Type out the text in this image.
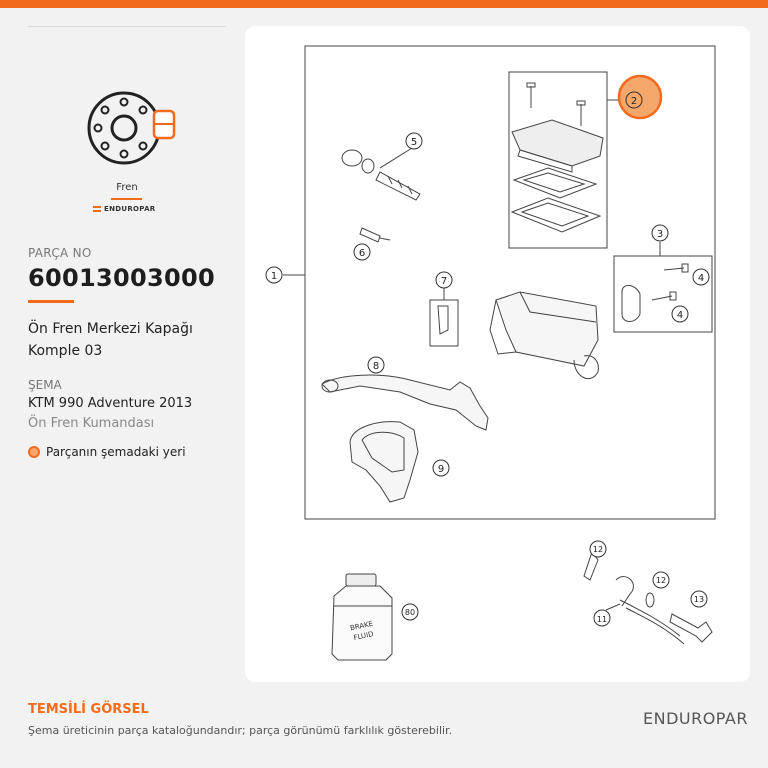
Fren
ENDUROPAR
PARÇA NO
60013003000
Ön Fren Merkezi Kapağı Komple 03
ŞEMA
KTM 990 Adventure 2013
Ön Fren Kumandası
Parçanın şemadaki yeri
BRAKE
FLUID
1
2
3
4
4
5
6
7
8
9
11
12
12
13
80
TEMSİLİ GÖRSEL
Şema üreticinin parça kataloğundandır; parça görünümü farklılık gösterebilir.
ENDUROPAR
